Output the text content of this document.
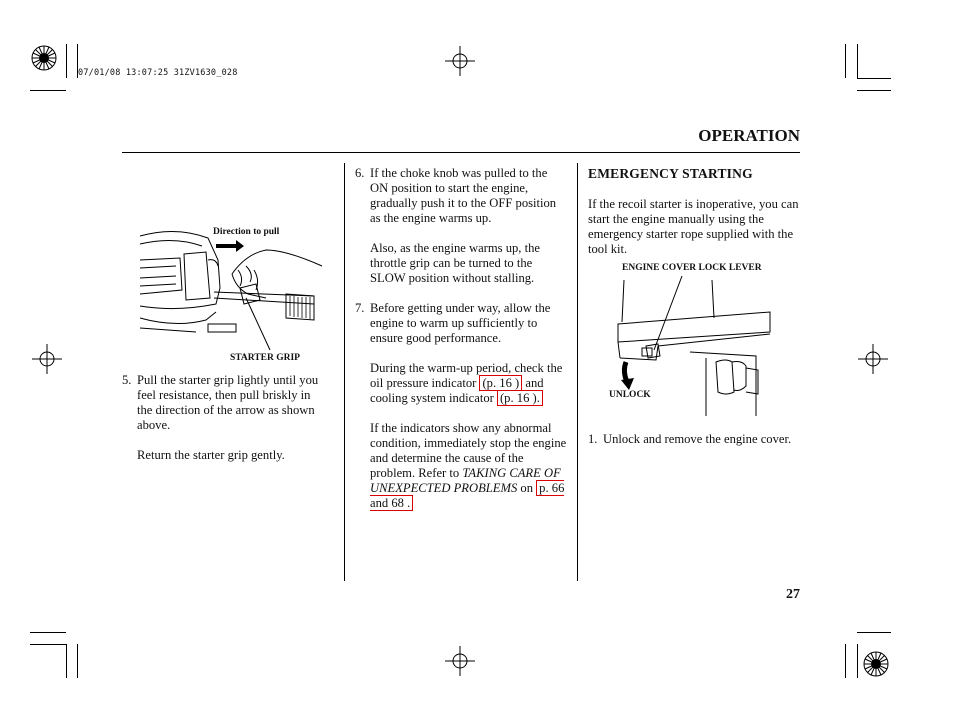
07/01/08 13:07:25 31ZV1630_028
OPERATION
Direction to pull
STARTER GRIP
5. Pull the starter grip lightly until you feel resistance, then pull briskly in the direction of the arrow as shown above.

Return the starter grip gently.

6. If the choke knob was pulled to the ON position to start the engine, gradually push it to the OFF position as the engine warms up.

Also, as the engine warms up, the throttle grip can be turned to the SLOW position without stalling.

7. Before getting under way, allow the engine to warm up sufficiently to ensure good performance.

During the warm-up period, check the oil pressure indicator (p. 16 ) and cooling system indicator (p. 16 ).

If the indicators show any abnormal condition, immediately stop the engine and determine the cause of the problem. Refer to TAKING CARE OF UNEXPECTED PROBLEMS on p. 66 and 68 .

EMERGENCY STARTING

If the recoil starter is inoperative, you can start the engine manually using the emergency starter rope supplied with the tool kit.

ENGINE COVER LOCK LEVER
UNLOCK
1. Unlock and remove the engine cover.

27
